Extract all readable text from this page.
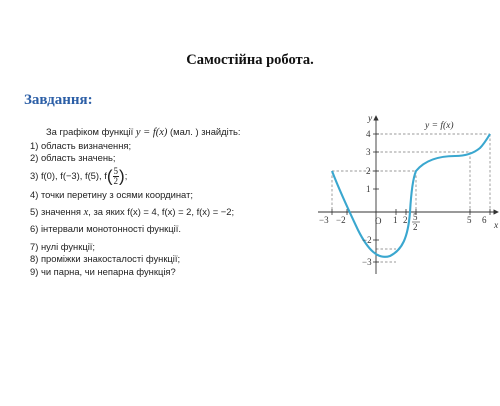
Самостійна робота.
Завдання:
За графіком функції y = f(x) (мал. ) знайдіть:
1) область визначення;
2) область значень;
3) f(0), f(−3), f(5), $f( \frac{5}{2}$ );
4) точки перетину з осями координат;
5) значення x, за яких f(x) = 4, f(x) = 2, f(x) = −2;
6) інтервали монотонності функції.
7) нулі функції;
8) проміжки знакосталості функції;
9) чи парна, чи непарна функція?
y
x
y = f(x)
O
−3 −2	1 2 5
2
5 6
4
3
2
1
−2
−3
